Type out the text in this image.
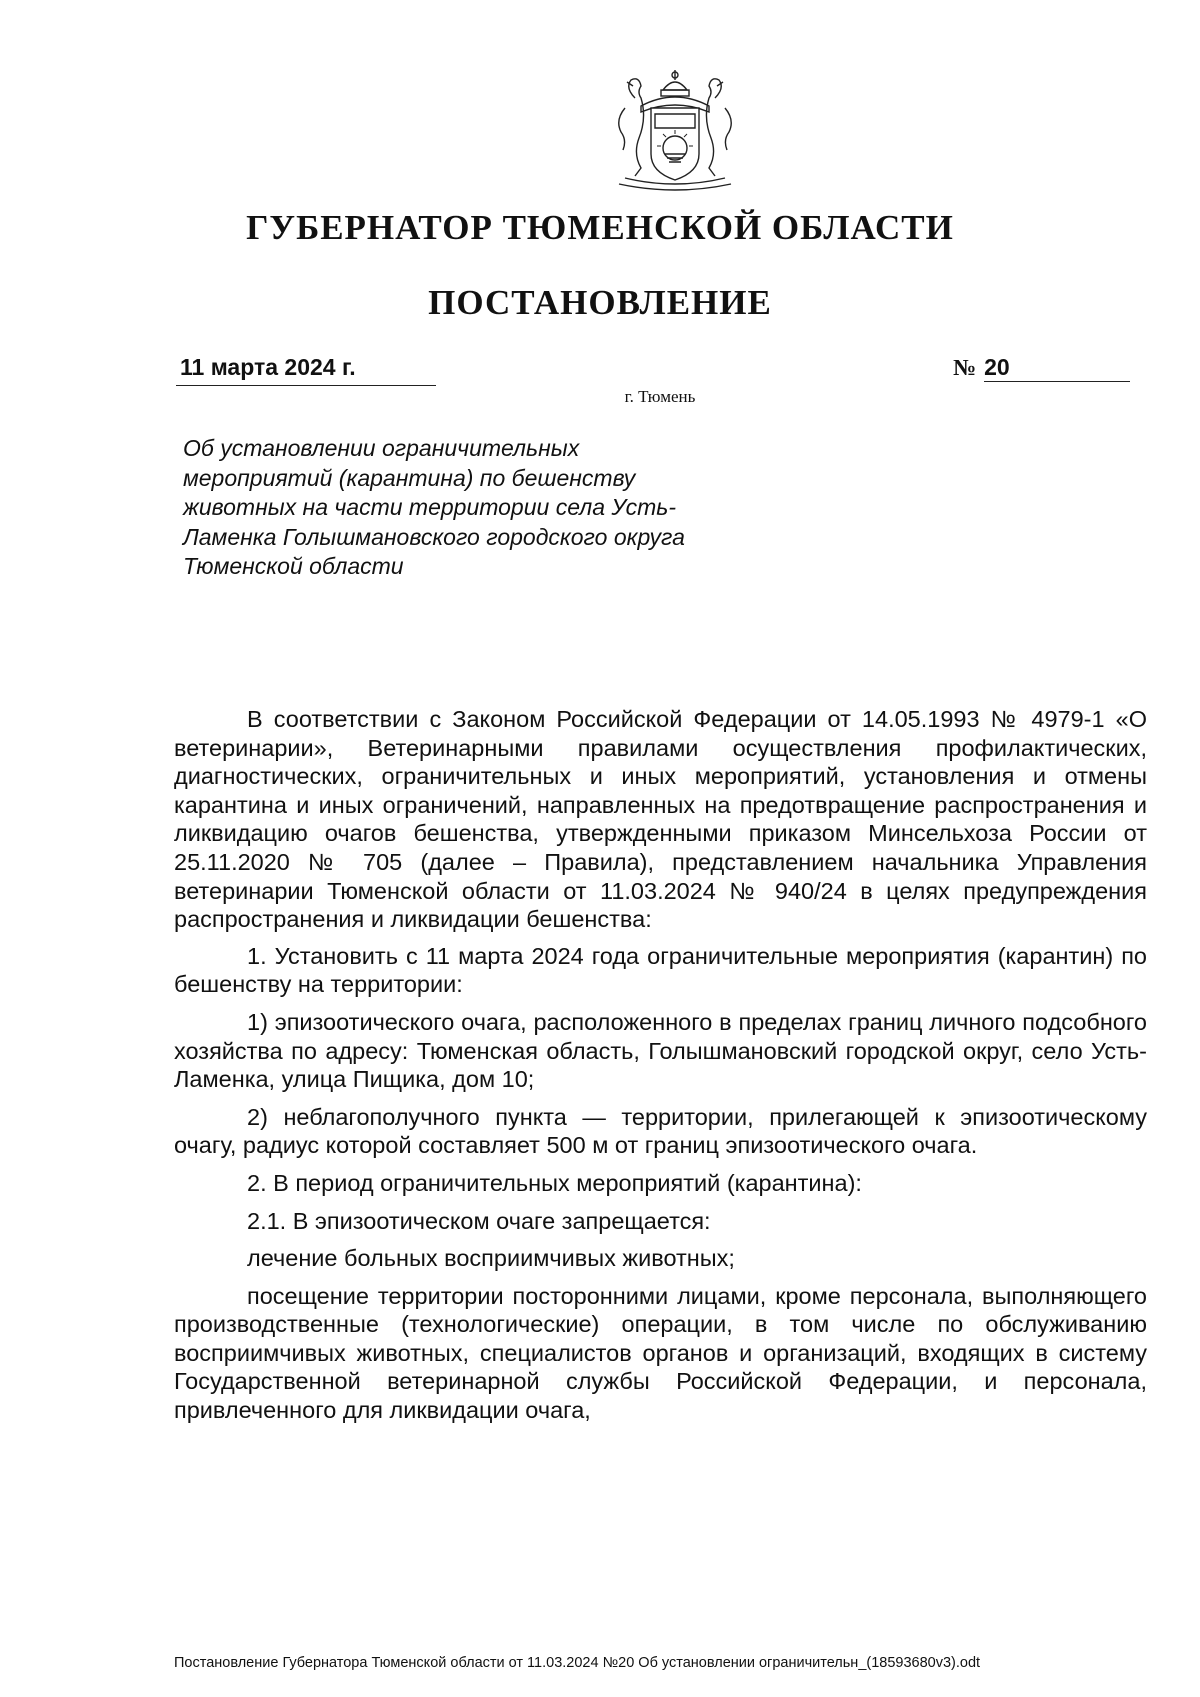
ГУБЕРНАТОР ТЮМЕНСКОЙ ОБЛАСТИ
ПОСТАНОВЛЕНИЕ
11 марта 2024 г.	№ 20
г. Тюмень
Об установлении ограничительных мероприятий (карантина) по бешенству животных на части территории села Усть-Ламенка Голышмановского городского округа Тюменской области

В соответствии с Законом Российской Федерации от 14.05.1993 № 4979-1 «О ветеринарии», Ветеринарными правилами осуществления профилактических, диагностических, ограничительных и иных мероприятий, установления и отмены карантина и иных ограничений, направленных на предотвращение распространения и ликвидацию очагов бешенства, утвержденными приказом Минсельхоза России от 25.11.2020 № 705 (далее – Правила), представлением начальника Управления ветеринарии Тюменской области от 11.03.2024 № 940/24 в целях предупреждения распространения и ликвидации бешенства:

1. Установить с 11 марта 2024 года ограничительные мероприятия (карантин) по бешенству на территории:

1) эпизоотического очага, расположенного в пределах границ личного подсобного хозяйства по адресу: Тюменская область, Голышмановский городской округ, село Усть-Ламенка, улица Пищика, дом 10;

2) неблагополучного пункта — территории, прилегающей к эпизоотическому очагу, радиус которой составляет 500 м от границ эпизоотического очага.

2. В период ограничительных мероприятий (карантина):

2.1. В эпизоотическом очаге запрещается:

лечение больных восприимчивых животных;

посещение территории посторонними лицами, кроме персонала, выполняющего производственные (технологические) операции, в том числе по обслуживанию восприимчивых животных, специалистов органов и организаций, входящих в систему Государственной ветеринарной службы Российской Федерации, и персонала, привлеченного для ликвидации очага,

Постановление Губернатора Тюменской области от 11.03.2024 №20 Об установлении ограничительн_(18593680v3).odt
